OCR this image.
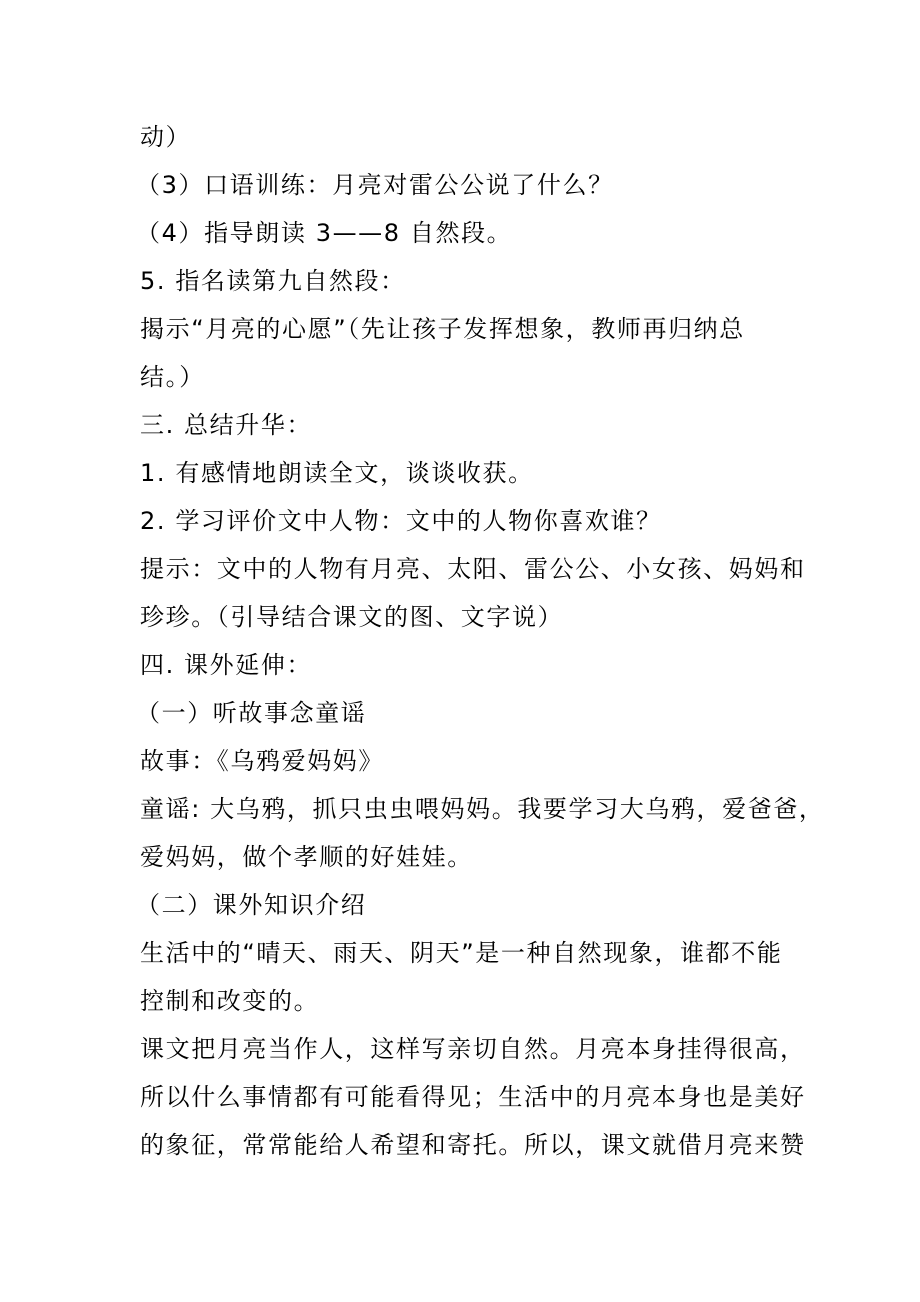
动）
（3）口语训练：月亮对雷公公说了什么？
（4）指导朗读 3——8 自然段。
5. 指名读第九自然段：
揭示“月亮的心愿”（先让孩子发挥想象，教师再归纳总
结。）
三. 总结升华：
1. 有感情地朗读全文，谈谈收获。
2. 学习评价文中人物：文中的人物你喜欢谁？
提示：文中的人物有月亮、太阳、雷公公、小女孩、妈妈和
珍珍。（引导结合课文的图、文字说）
四. 课外延伸：
（一）听故事念童谣
故事：《乌鸦爱妈妈》
童谣: 大乌鸦，抓只虫虫喂妈妈。我要学习大乌鸦，爱爸爸，
爱妈妈，做个孝顺的好娃娃。
（二）课外知识介绍
生活中的“晴天、雨天、阴天”是一种自然现象，谁都不能
控制和改变的。
课文把月亮当作人，这样写亲切自然。月亮本身挂得很高，
所以什么事情都有可能看得见；生活中的月亮本身也是美好
的象征，常常能给人希望和寄托。所以，课文就借月亮来赞
